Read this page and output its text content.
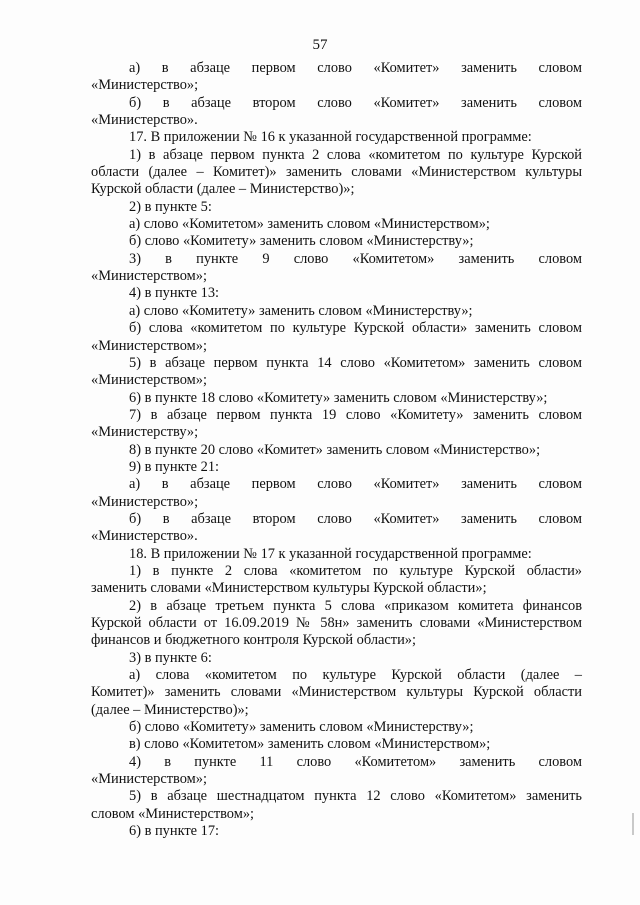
57
а) в абзаце первом слово «Комитет» заменить словом
«Министерство»;
б) в абзаце втором слово «Комитет» заменить словом
«Министерство».
17. В приложении № 16 к указанной государственной программе:
1) в абзаце первом пункта 2 слова «комитетом по культуре Курской
области (далее – Комитет)» заменить словами «Министерством культуры
Курской области (далее – Министерство)»;
2) в пункте 5:
а) слово «Комитетом» заменить словом «Министерством»;
б) слово «Комитету» заменить словом «Министерству»;
3) в пункте 9 слово «Комитетом» заменить словом
«Министерством»;
4) в пункте 13:
а) слово «Комитету» заменить словом «Министерству»;
б) слова «комитетом по культуре Курской области» заменить словом
«Министерством»;
5) в абзаце первом пункта 14 слово «Комитетом» заменить словом
«Министерством»;
6) в пункте 18 слово «Комитету» заменить словом «Министерству»;
7) в абзаце первом пункта 19 слово «Комитету» заменить словом
«Министерству»;
8) в пункте 20 слово «Комитет» заменить словом «Министерство»;
9) в пункте 21:
а) в абзаце первом слово «Комитет» заменить словом
«Министерство»;
б) в абзаце втором слово «Комитет» заменить словом
«Министерство».
18. В приложении № 17 к указанной государственной программе:
1) в пункте 2 слова «комитетом по культуре Курской области»
заменить словами «Министерством культуры Курской области»;
2) в абзаце третьем пункта 5 слова «приказом комитета финансов
Курской области от 16.09.2019 № 58н» заменить словами «Министерством
финансов и бюджетного контроля Курской области»;
3) в пункте 6:
а) слова «комитетом по культуре Курской области (далее –
Комитет)» заменить словами «Министерством культуры Курской области
(далее – Министерство)»;
б) слово «Комитету» заменить словом «Министерству»;
в) слово «Комитетом» заменить словом «Министерством»;
4) в пункте 11 слово «Комитетом» заменить словом
«Министерством»;
5) в абзаце шестнадцатом пункта 12 слово «Комитетом» заменить
словом «Министерством»;
6) в пункте 17:
